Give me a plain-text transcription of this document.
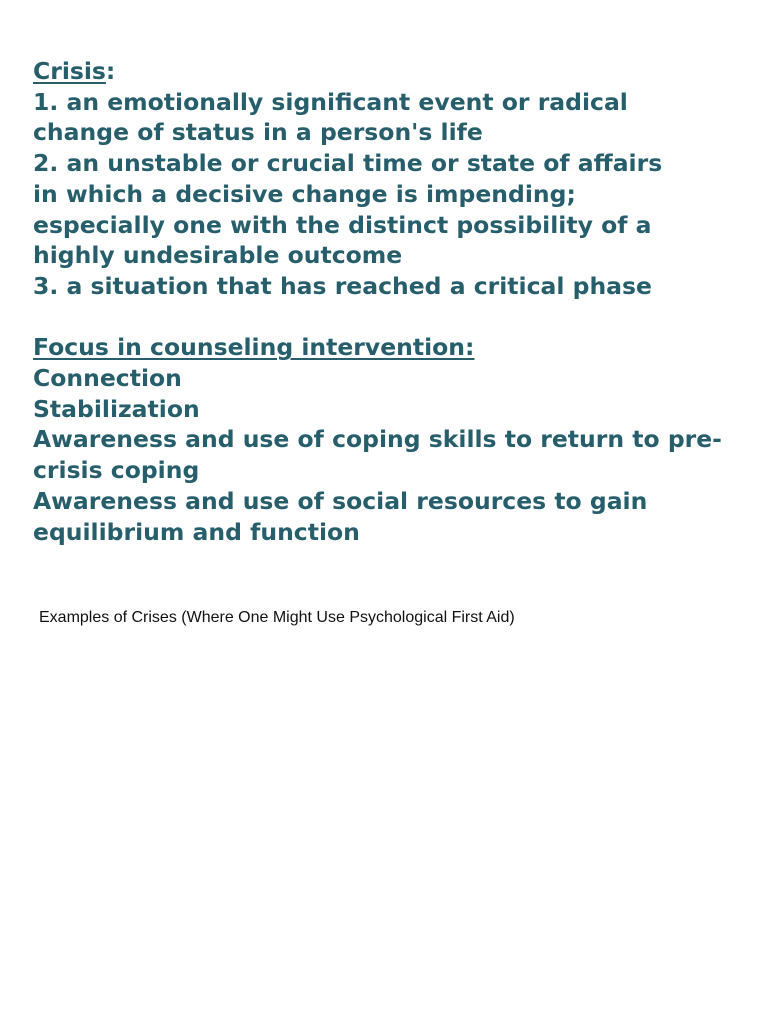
Crisis:
1. an emotionally significant event or radical
change of status in a person's life
2. an unstable or crucial time or state of affairs
in which a decisive change is impending;
especially one with the distinct possibility of a
highly undesirable outcome
3. a situation that has reached a critical phase
Focus in counseling intervention:
Connection
Stabilization
Awareness and use of coping skills to return to pre-crisis coping
Awareness and use of social resources to gain equilibrium and function
Examples of Crises (Where One Might Use Psychological First Aid)
